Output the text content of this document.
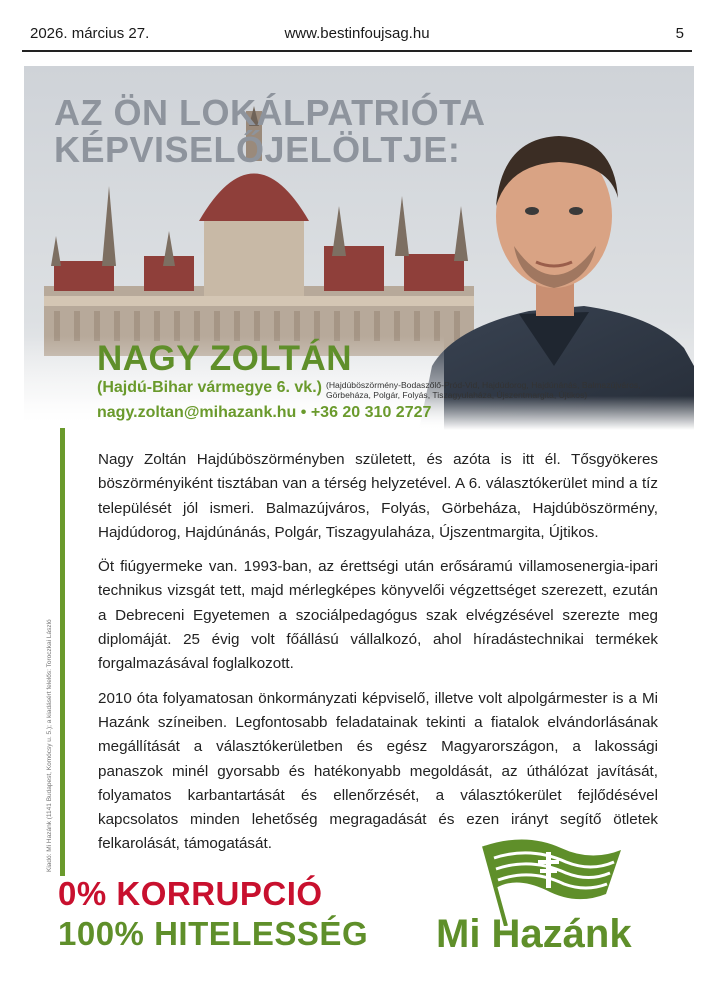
2026. március 27.	www.bestinfoujsag.hu	5
AZ ÖN LOKÁLPATRIÓTA
KÉPVISELŐJELÖLTJE:
NAGY ZOLTÁN
(Hajdú-Bihar vármegye 6. vk.) (Hajdúböszörmény-Bodaszőlő-Pród-Vid, Hajdúdorog, Hajdúnánás, Balmazújváros, Görbeháza, Polgár, Folyás, Tiszagyulaháza, Újszentmargita, Újtikos)
nagy.zoltan@mihazank.hu • +36 20 310 2727
Kiadó: Mi Hazánk (1141 Budapest, Komócsy u. 5.); a kiadásért felelős: Toroczkai László

Nagy Zoltán Hajdúböszörményben született, és azóta is itt él. Tősgyökeres böszörményiként tisztában van a térség helyzetével. A 6. választókerület mind a tíz települését jól ismeri. Balmazújváros, Folyás, Görbeháza, Hajdúböszörmény, Hajdúdorog, Hajdúnánás, Polgár, Tiszagyulaháza, Újszentmargita, Újtikos.

Öt fiúgyermeke van. 1993-ban, az érettségi után erősáramú villamosenergia-ipari technikus vizsgát tett, majd mérlegképes könyvelői végzettséget szerezett, ezután a Debreceni Egyetemen a szociálpedagógus szak elvégzésével szerezte meg diplomáját. 25 évig volt főállású vállalkozó, ahol híradástechnikai termékek forgalmazásával foglalkozott.

2010 óta folyamatosan önkormányzati képviselő, illetve volt alpolgármester is a Mi Hazánk színeiben. Legfontosabb feladatainak tekinti a fiatalok elvándorlásának megállítását a választókerületben és egész Magyarországon, a lakossági panaszok minél gyorsabb és hatékonyabb megoldását, az úthálózat javítását, folyamatos karbantartását és ellenőrzését, a választókerület fejlődésével kapcsolatos minden lehetőség megragadását és ezen irányt segítő ötletek felkarolását, támogatását.

0% KORRUPCIÓ
100% HITELESSÉG Mi Hazánk
